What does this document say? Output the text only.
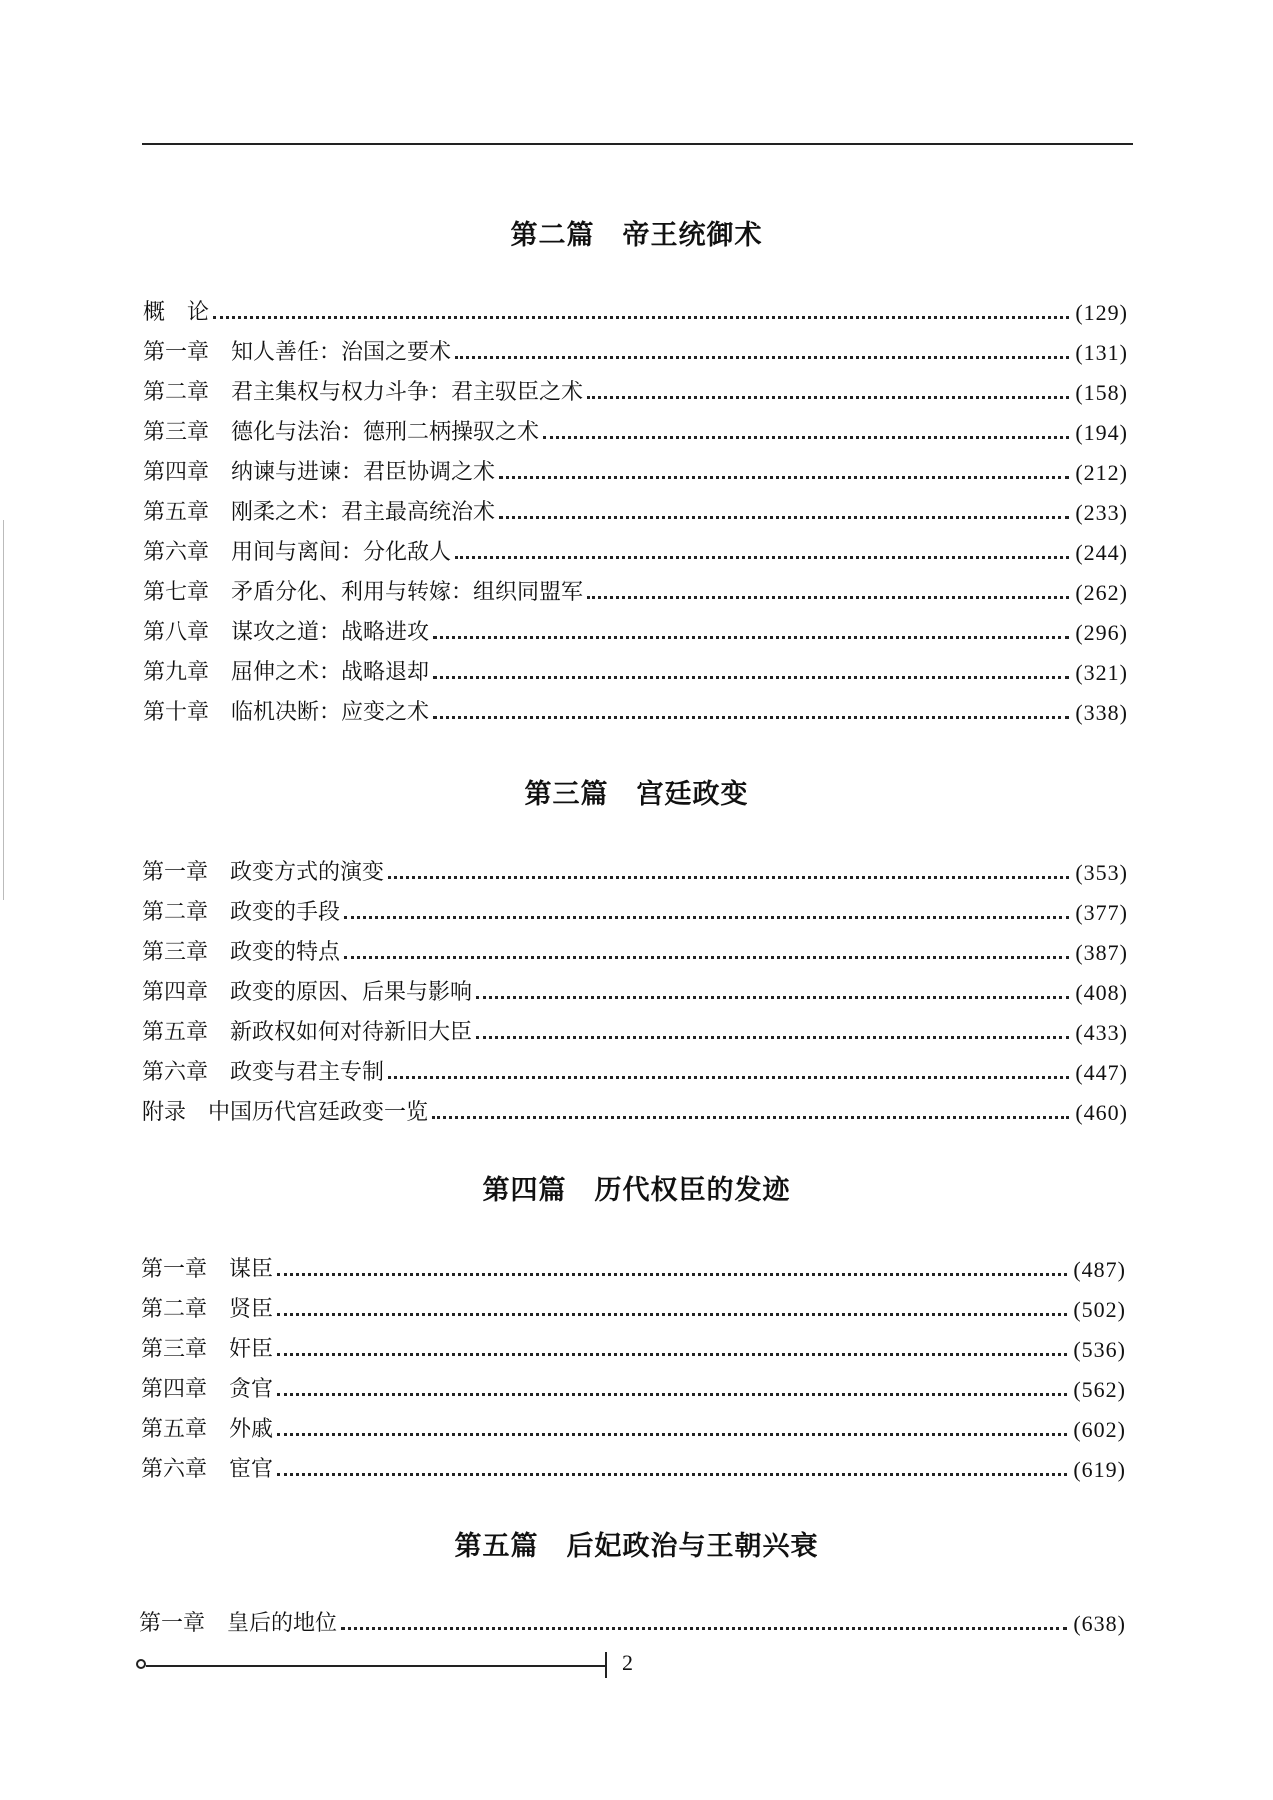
第二篇　帝王统御术
概　论	(129)
第一章　知人善任：治国之要术	(131)
第二章　君主集权与权力斗争：君主驭臣之术	(158)
第三章　德化与法治：德刑二柄操驭之术	(194)
第四章　纳谏与进谏：君臣协调之术	(212)
第五章　刚柔之术：君主最高统治术	(233)
第六章　用间与离间：分化敌人	(244)
第七章　矛盾分化、利用与转嫁：组织同盟军	(262)
第八章　谋攻之道：战略进攻	(296)
第九章　屈伸之术：战略退却	(321)
第十章　临机决断：应变之术	(338)
第三篇　宫廷政变
第一章　政变方式的演变	(353)
第二章　政变的手段	(377)
第三章　政变的特点	(387)
第四章　政变的原因、后果与影响	(408)
第五章　新政权如何对待新旧大臣	(433)
第六章　政变与君主专制	(447)
附录　中国历代宫廷政变一览	(460)
第四篇　历代权臣的发迹
第一章　谋臣	(487)
第二章　贤臣	(502)
第三章　奸臣	(536)
第四章　贪官	(562)
第五章　外戚	(602)
第六章　宦官	(619)
第五篇　后妃政治与王朝兴衰
第一章　皇后的地位	(638)
2
